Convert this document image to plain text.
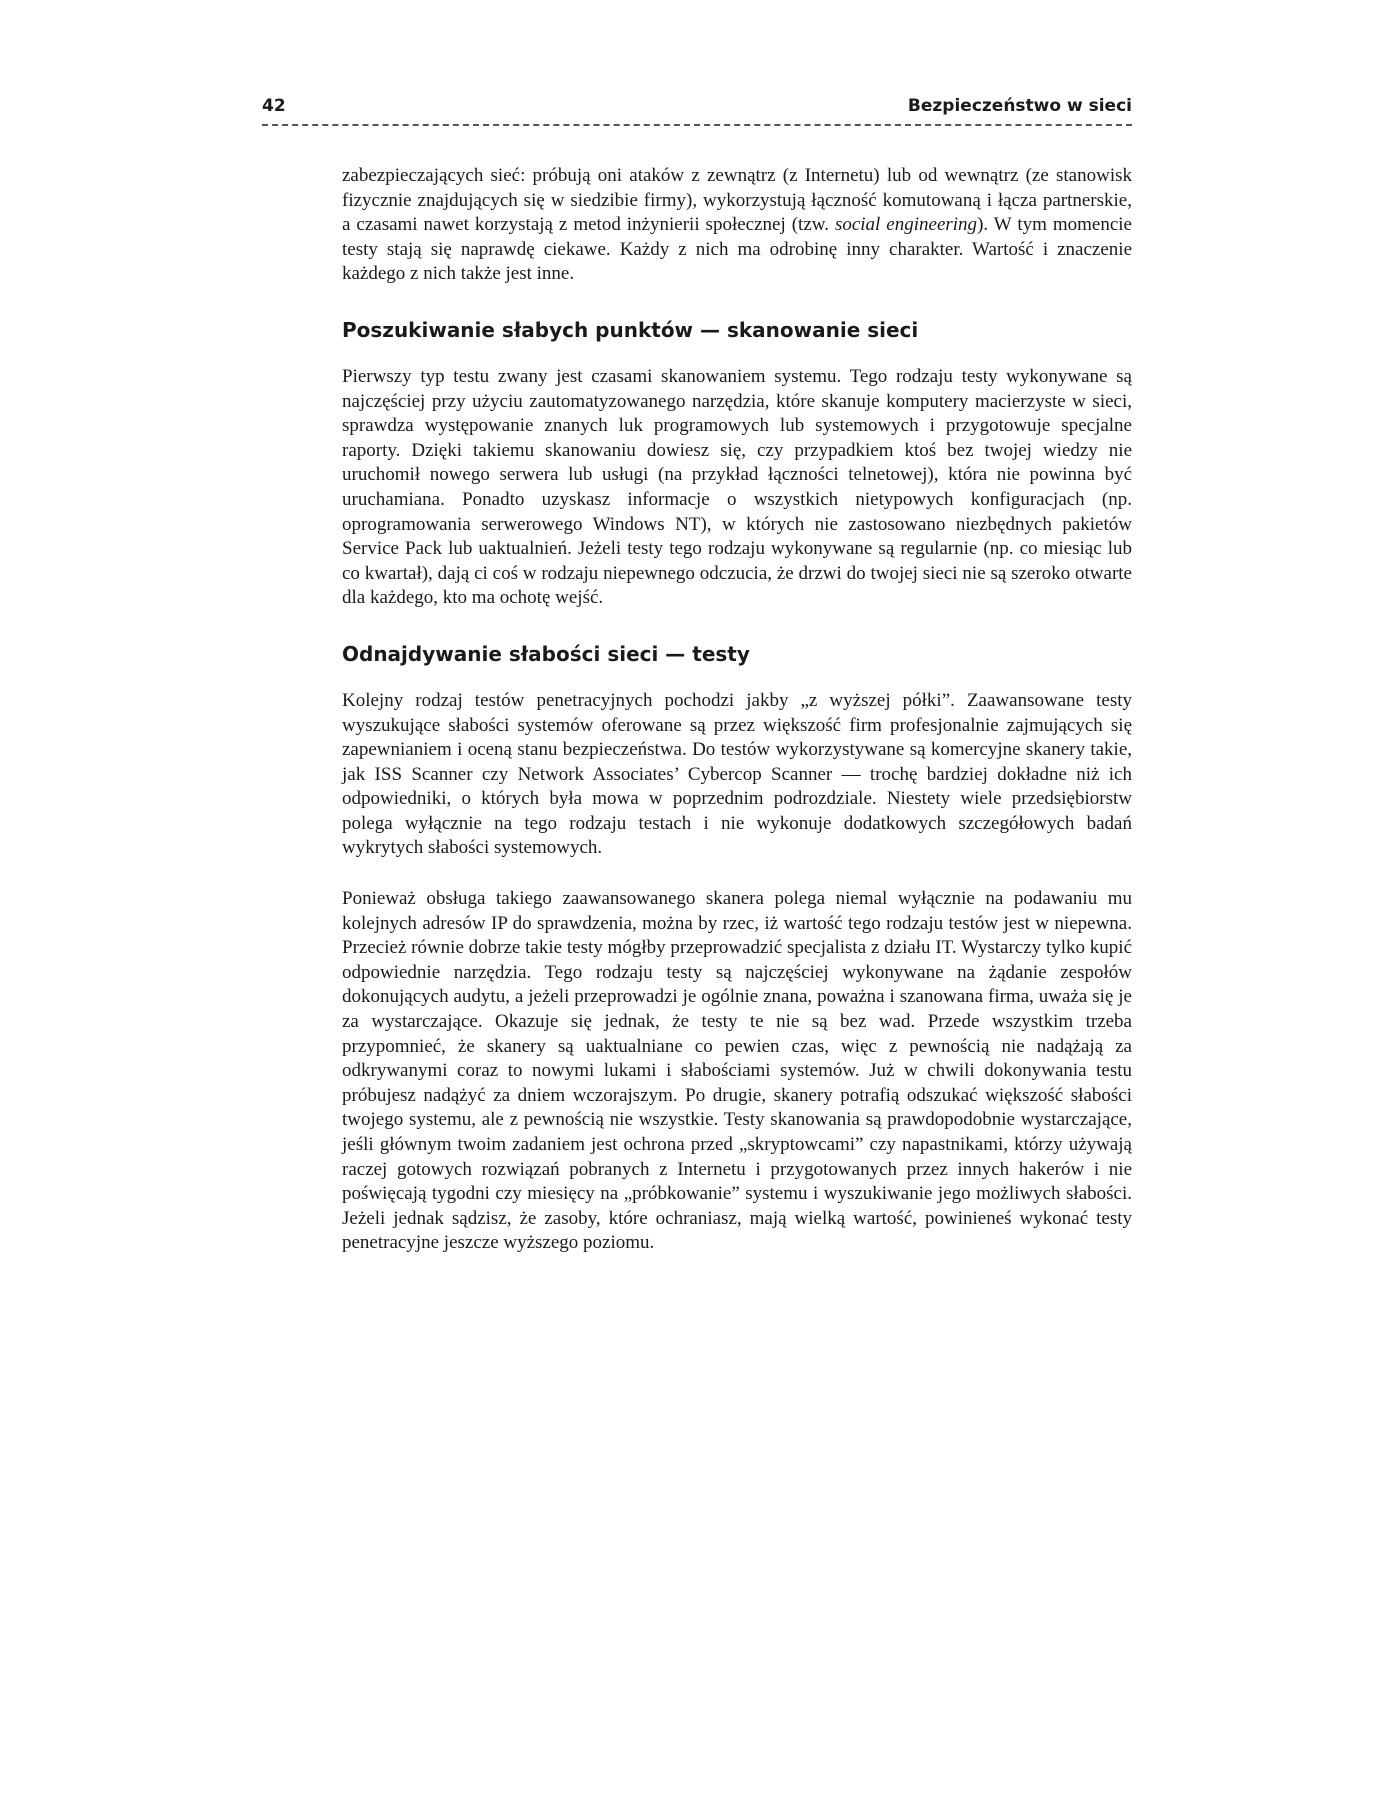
42	Bezpieczeństwo w sieci

zabezpieczających sieć: próbują oni ataków z zewnątrz (z Internetu) lub od wewnątrz (ze stanowisk fizycznie znajdujących się w siedzibie firmy), wykorzystują łączność komutowaną i łącza partnerskie, a czasami nawet korzystają z metod inżynierii społecznej (tzw. social engineering). W tym momencie testy stają się naprawdę ciekawe. Każdy z nich ma odrobinę inny charakter. Wartość i znaczenie każdego z nich także jest inne.

Poszukiwanie słabych punktów — skanowanie sieci

Pierwszy typ testu zwany jest czasami skanowaniem systemu. Tego rodzaju testy wykonywane są najczęściej przy użyciu zautomatyzowanego narzędzia, które skanuje komputery macierzyste w sieci, sprawdza występowanie znanych luk programowych lub systemowych i przygotowuje specjalne raporty. Dzięki takiemu skanowaniu dowiesz się, czy przypadkiem ktoś bez twojej wiedzy nie uruchomił nowego serwera lub usługi (na przykład łączności telnetowej), która nie powinna być uruchamiana. Ponadto uzyskasz informacje o wszystkich nietypowych konfiguracjach (np. oprogramowania serwerowego Windows NT), w których nie zastosowano niezbędnych pakietów Service Pack lub uaktualnień. Jeżeli testy tego rodzaju wykonywane są regularnie (np. co miesiąc lub co kwartał), dają ci coś w rodzaju niepewnego odczucia, że drzwi do twojej sieci nie są szeroko otwarte dla każdego, kto ma ochotę wejść.

Odnajdywanie słabości sieci — testy

Kolejny rodzaj testów penetracyjnych pochodzi jakby „z wyższej półki”. Zaawansowane testy wyszukujące słabości systemów oferowane są przez większość firm profesjonalnie zajmujących się zapewnianiem i oceną stanu bezpieczeństwa. Do testów wykorzystywane są komercyjne skanery takie, jak ISS Scanner czy Network Associates’ Cybercop Scanner — trochę bardziej dokładne niż ich odpowiedniki, o których była mowa w poprzednim podrozdziale. Niestety wiele przedsiębiorstw polega wyłącznie na tego rodzaju testach i nie wykonuje dodatkowych szczegółowych badań wykrytych słabości systemowych.

Ponieważ obsługa takiego zaawansowanego skanera polega niemal wyłącznie na podawaniu mu kolejnych adresów IP do sprawdzenia, można by rzec, iż wartość tego rodzaju testów jest w niepewna. Przecież równie dobrze takie testy mógłby przeprowadzić specjalista z działu IT. Wystarczy tylko kupić odpowiednie narzędzia. Tego rodzaju testy są najczęściej wykonywane na żądanie zespołów dokonujących audytu, a jeżeli przeprowadzi je ogólnie znana, poważna i szanowana firma, uważa się je za wystarczające. Okazuje się jednak, że testy te nie są bez wad. Przede wszystkim trzeba przypomnieć, że skanery są uaktualniane co pewien czas, więc z pewnością nie nadążają za odkrywanymi coraz to nowymi lukami i słabościami systemów. Już w chwili dokonywania testu próbujesz nadążyć za dniem wczorajszym. Po drugie, skanery potrafią odszukać większość słabości twojego systemu, ale z pewnością nie wszystkie. Testy skanowania są prawdopodobnie wystarczające, jeśli głównym twoim zadaniem jest ochrona przed „skryptowcami” czy napastnikami, którzy używają raczej gotowych rozwiązań pobranych z Internetu i przygotowanych przez innych hakerów i nie poświęcają tygodni czy miesięcy na „próbkowanie” systemu i wyszukiwanie jego możliwych słabości. Jeżeli jednak sądzisz, że zasoby, które ochraniasz, mają wielką wartość, powinieneś wykonać testy penetracyjne jeszcze wyższego poziomu.
